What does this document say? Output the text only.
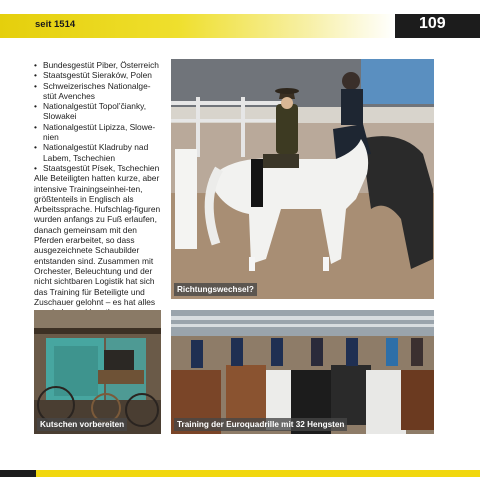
seit 1514	109
• Bundesgestüt Piber, Österreich
• Staatsgestüt Sieraków, Polen
• Schweizerisches Nationalge-
stüt Avenches
• Nationalgestüt Topol’čianky,
Slowakei
• Nationalgestüt Lipizza, Slowe-
nien
• Nationalgestüt Kladruby nad
Labem, Tschechien
• Staatsgestüt Písek, Tschechien

Alle Beteiligten hatten kurze, aber intensive Trainingseinhei-ten, größtenteils in Englisch als Arbeitssprache. Hufschlag-figuren wurden anfangs zu Fuß erlaufen, danach gemeinsam mit den Pferden erarbeitet, so dass ausgezeichnete Schaubilder entstanden sind. Zusammen mit Orchester, Beleuchtung und der nicht sichtbaren Logistik hat sich das Training für Beteiligte und Zuschauer gelohnt – es hat alles

Richtungswechsel?
Kutschen vorbereiten	Training der Euroquadrille mit 32 Hengsten
